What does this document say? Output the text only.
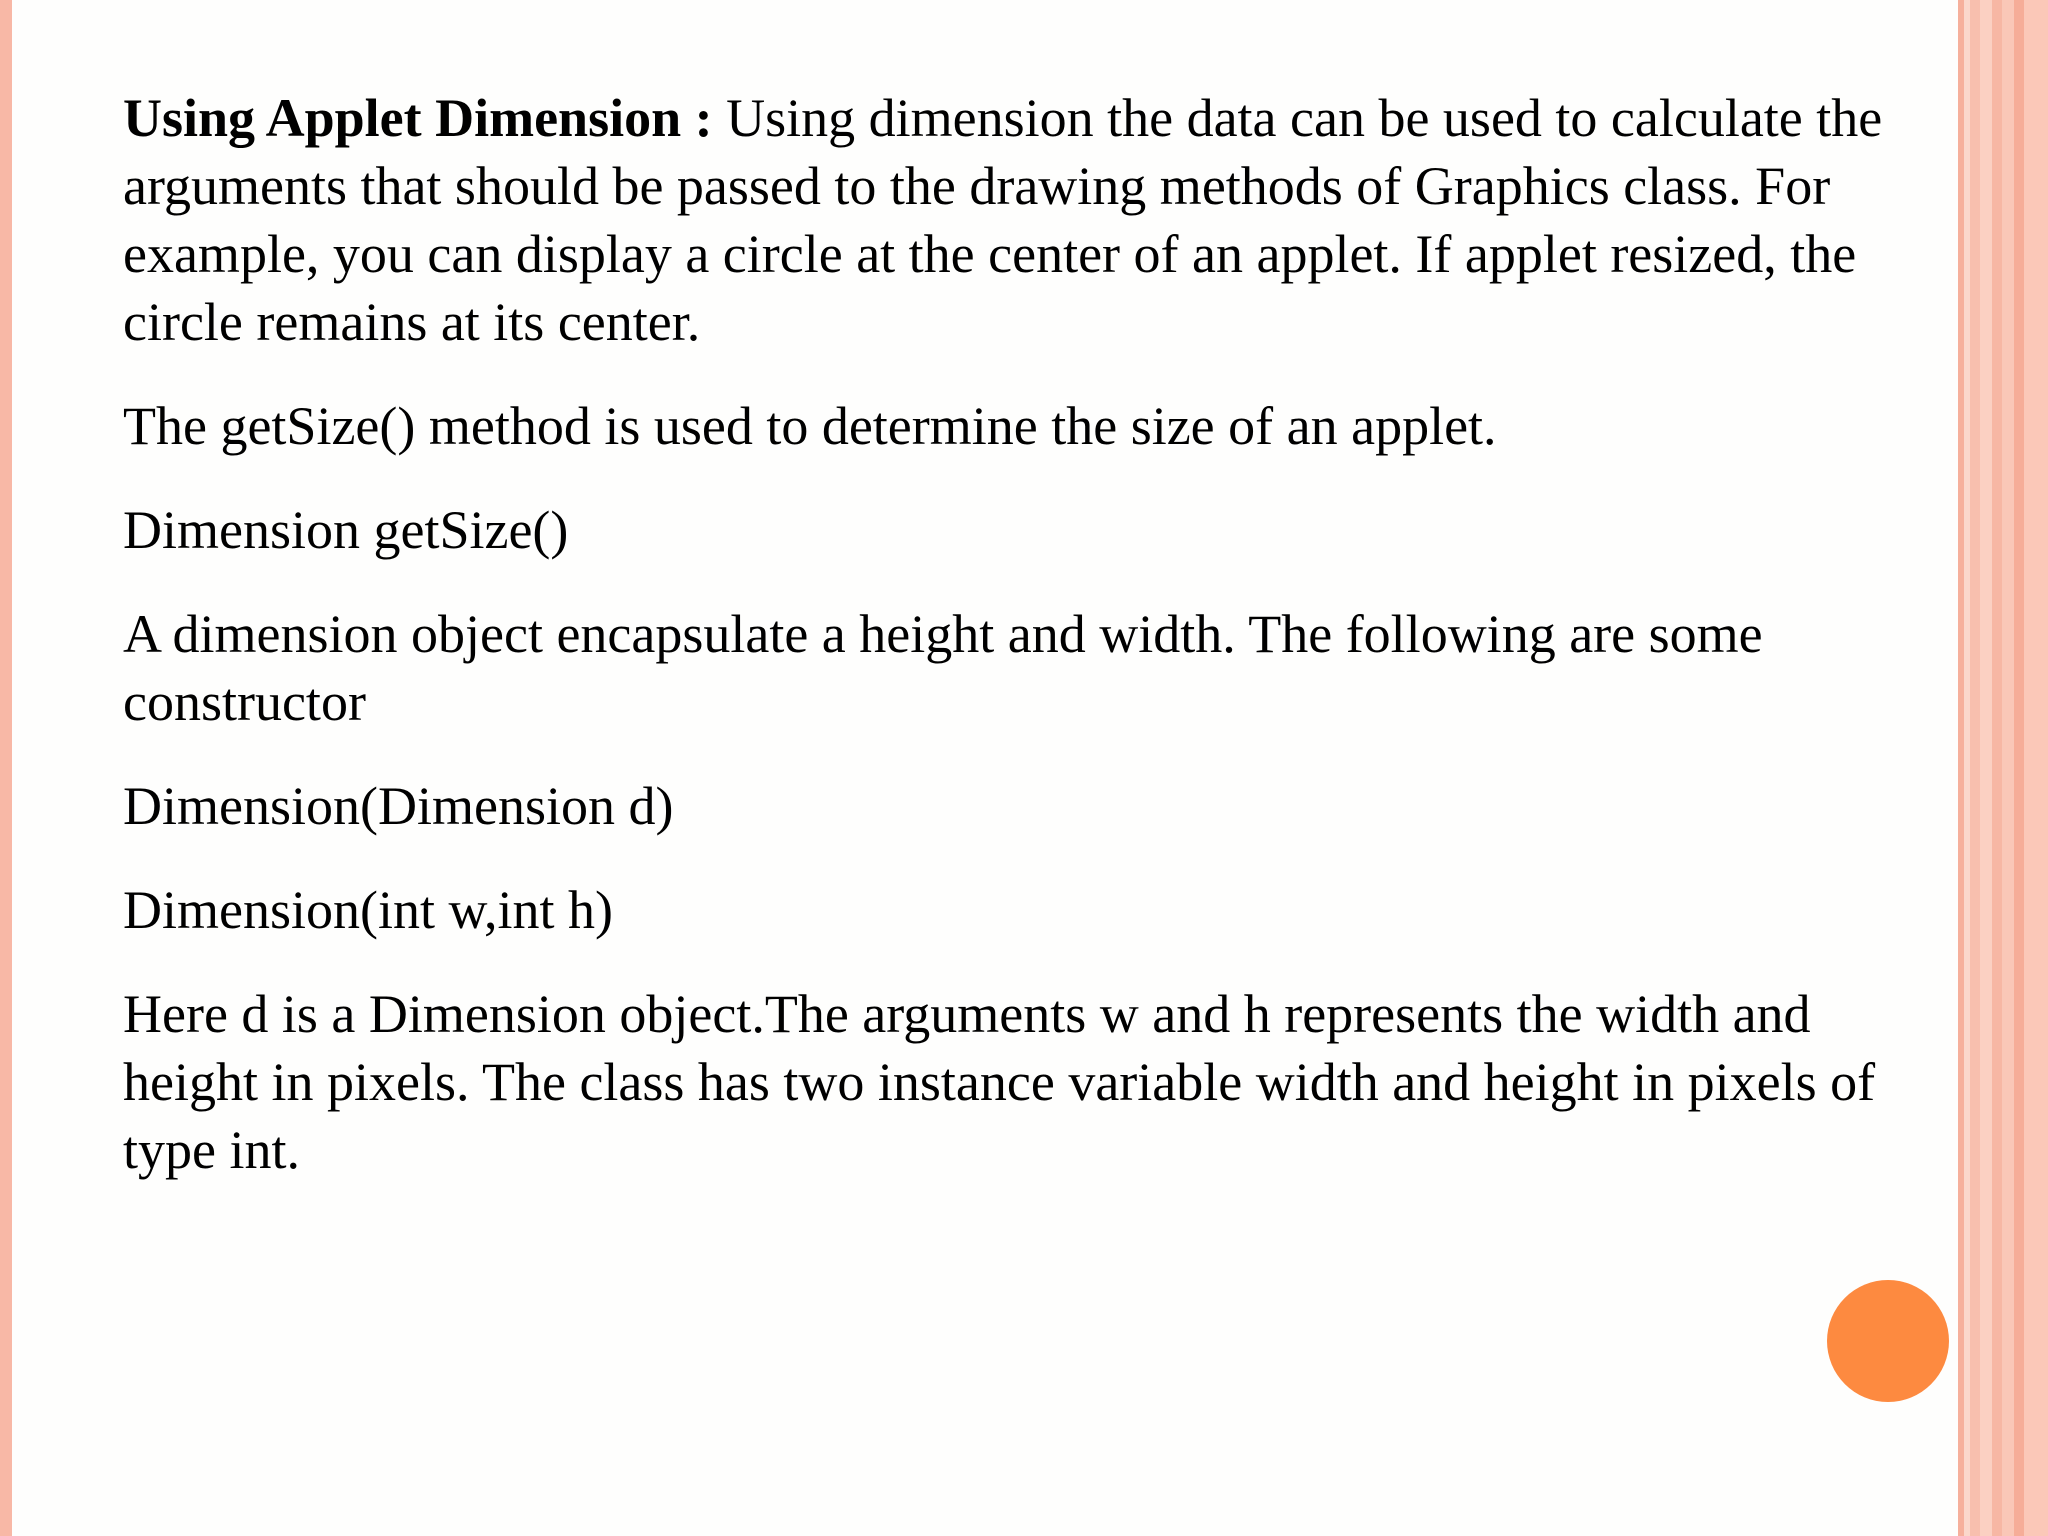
Using Applet Dimension : Using dimension the data can be used to calculate the arguments that should be passed to the drawing methods of Graphics class. For example, you can display a circle at the center of an applet. If applet resized, the circle remains at its center.

The getSize() method is used to determine the size of an applet.

Dimension getSize()

A dimension object encapsulate a height and width. The following are some constructor

Dimension(Dimension d)

Dimension(int w,int h)

Here d is a Dimension object.The arguments w and h represents the width and height in pixels. The class has two instance variable width and height in pixels of type int.
